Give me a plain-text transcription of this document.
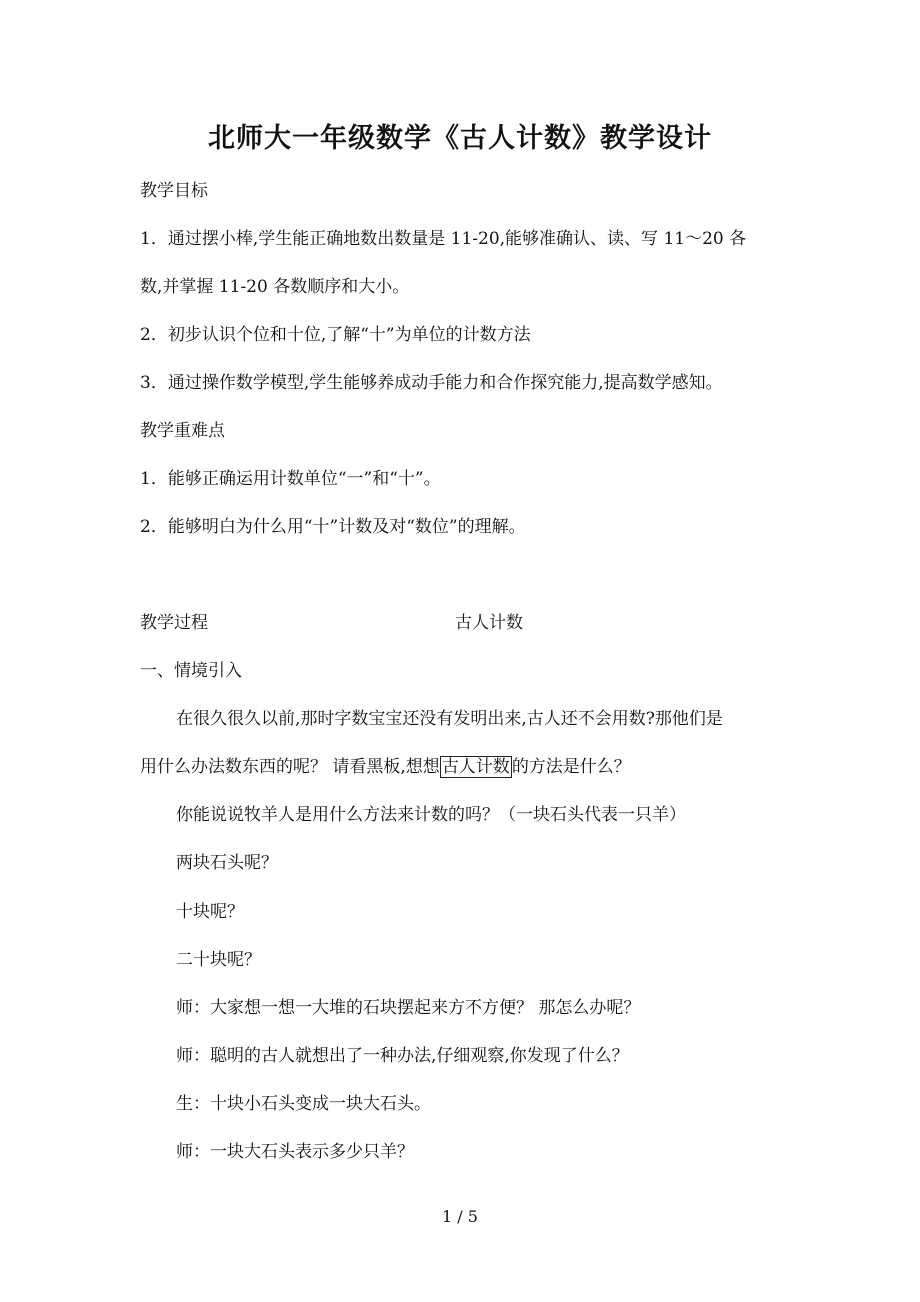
北师大一年级数学《古人计数》教学设计
教学目标
1．通过摆小棒,学生能正确地数出数量是 11-20,能够准确认、读、写 11～20 各
数,并掌握 11-20 各数顺序和大小。
2．初步认识个位和十位,了解“十”为单位的计数方法
3．通过操作数学模型,学生能够养成动手能力和合作探究能力,提高数学感知。
教学重难点
1．能够正确运用计数单位“一”和“十”。
2．能够明白为什么用“十”计数及对“数位”的理解。
教学过程	古人计数
一、情境引入
在很久很久以前,那时字数宝宝还没有发明出来,古人还不会用数?那他们是
用什么办法数东西的呢？ 请看黑板,想想 古人计数 的方法是什么？
你能说说牧羊人是用什么方法来计数的吗？（一块石头代表一只羊）
两块石头呢？
十块呢？
二十块呢？
师：大家想一想一大堆的石块摆起来方不方便？ 那怎么办呢？
师：聪明的古人就想出了一种办法,仔细观察,你发现了什么？
生：十块小石头变成一块大石头。
师：一块大石头表示多少只羊？
1 / 5
